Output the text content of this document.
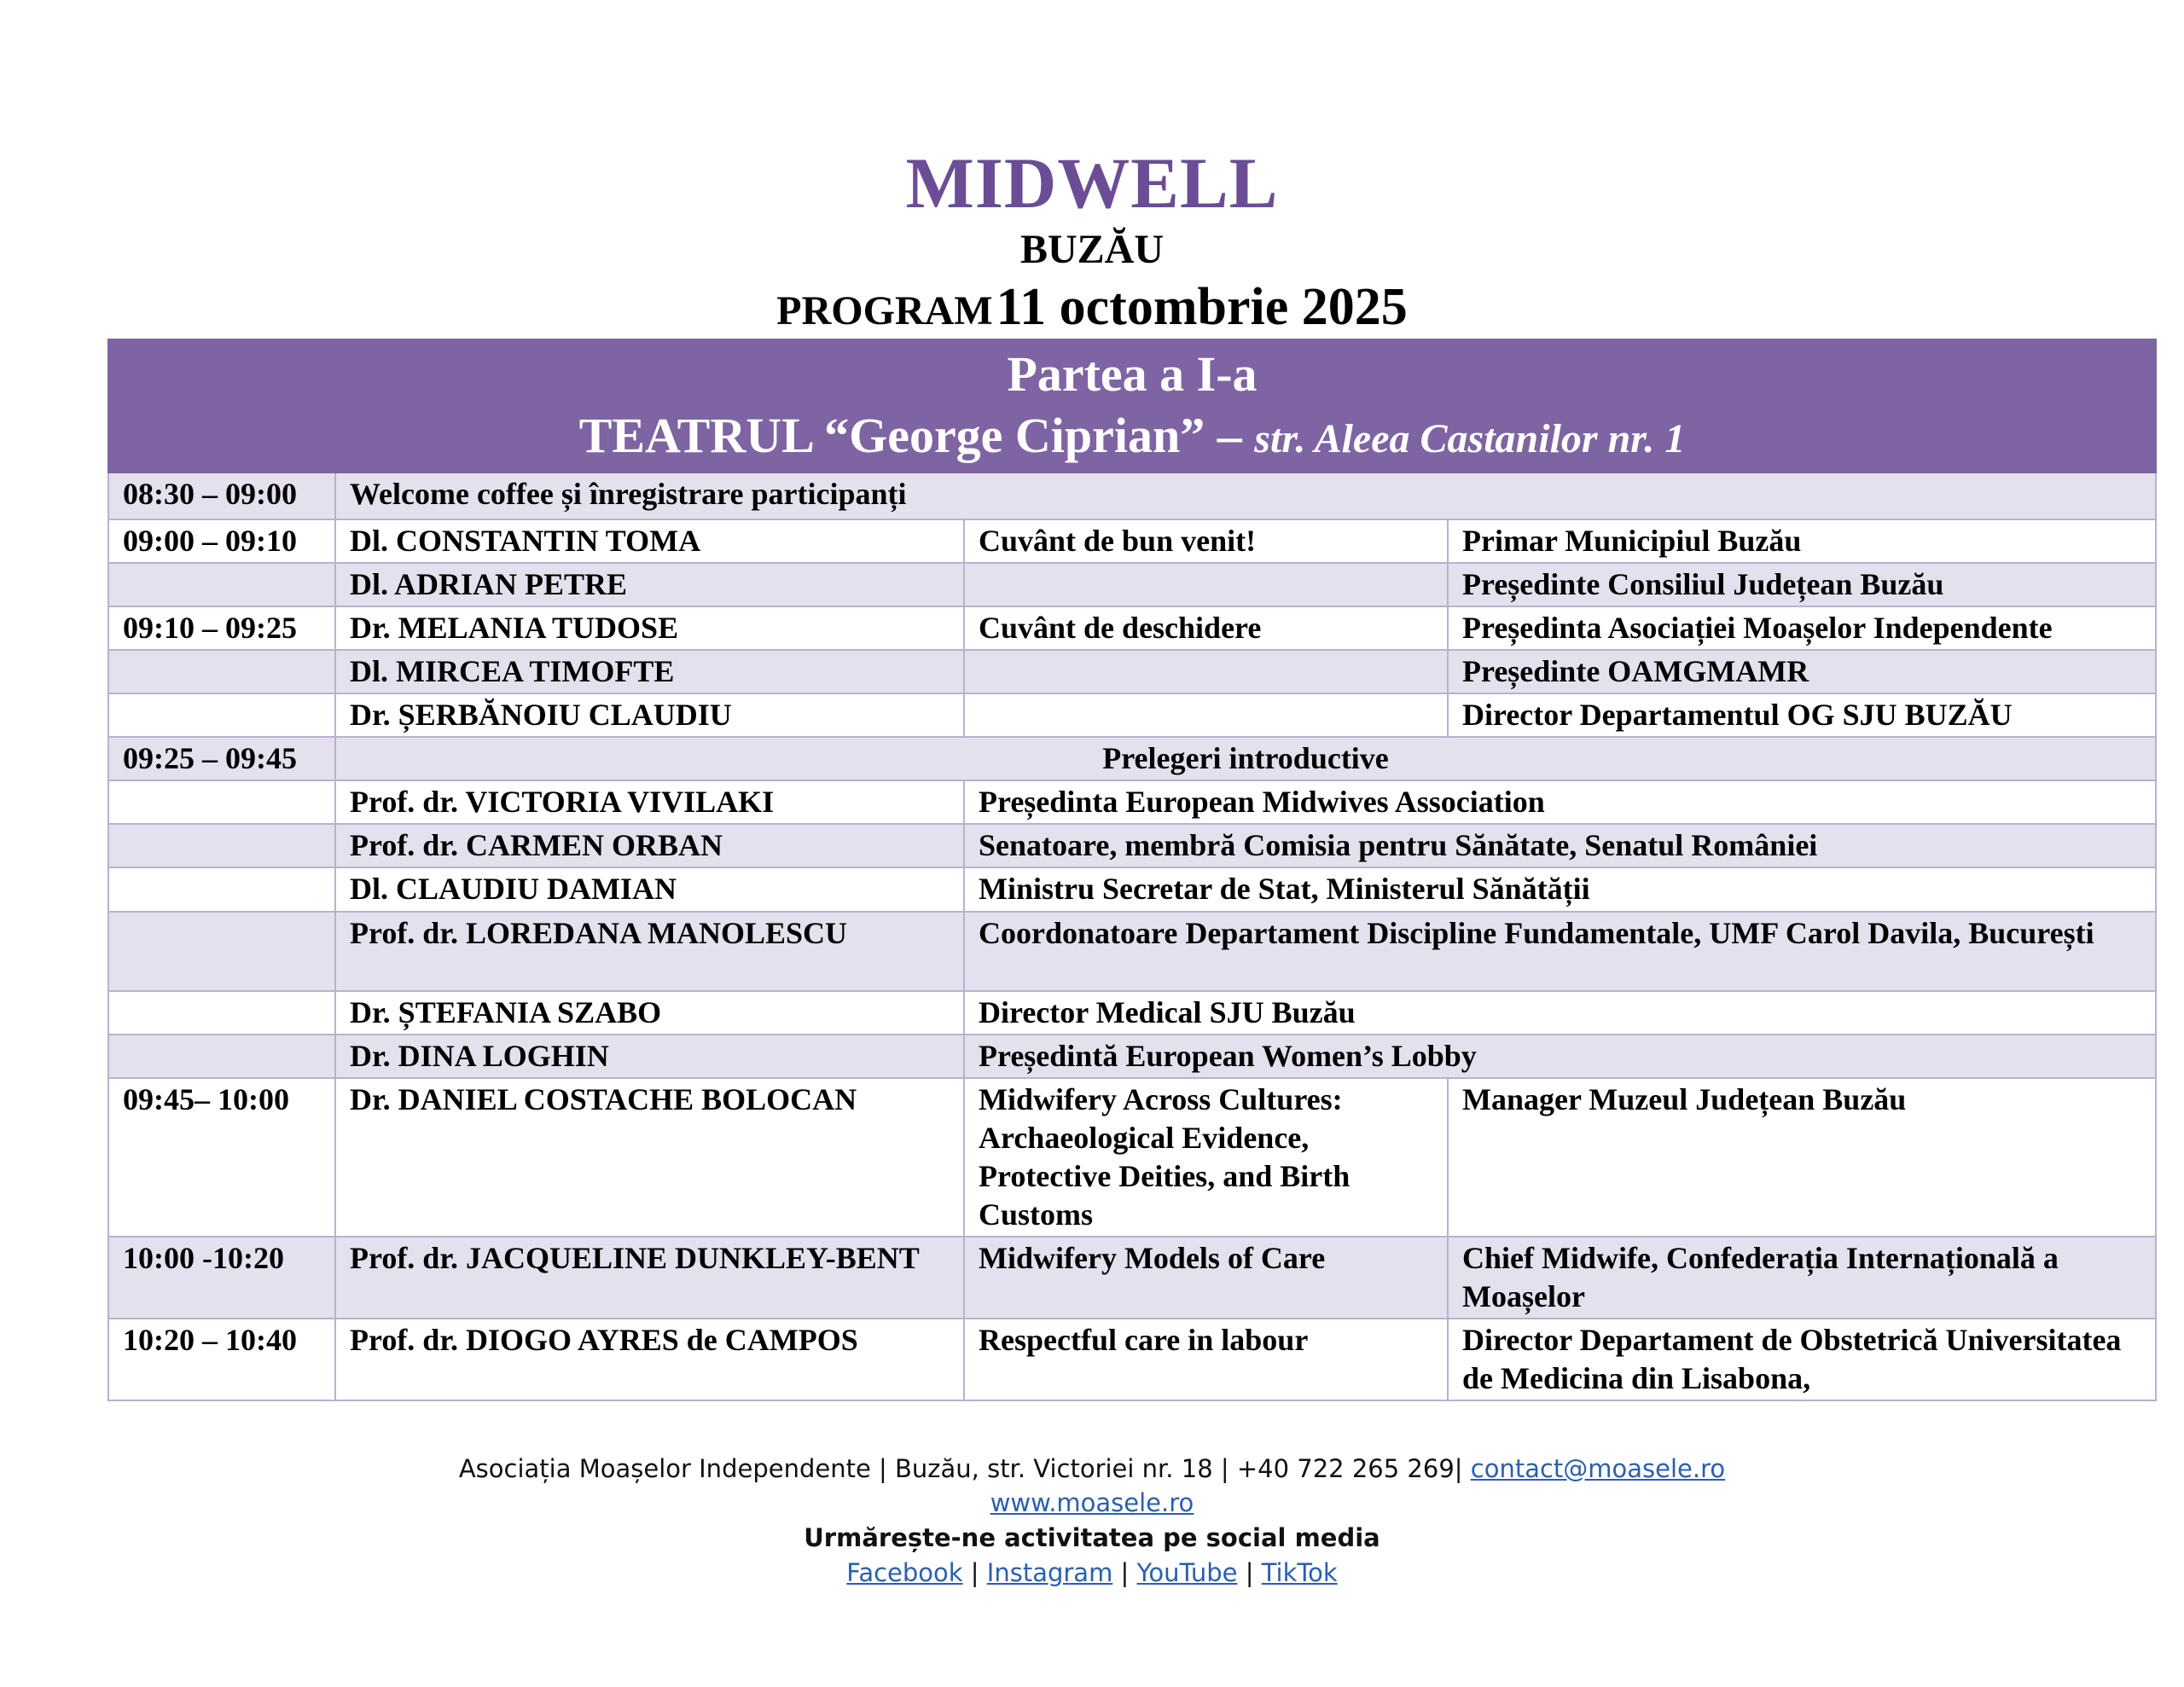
MIDWELL
BUZĂU
PROGRAM 11 octombrie 2025
Partea a I-a
TEATRUL “George Ciprian” – str. Aleea Castanilor nr. 1			

08:30 – 09:00	Welcome coffee și înregistrare participanți		
09:00 – 09:10	Dl. CONSTANTIN TOMA	Cuvânt de bun venit!	Primar Municipiul Buzău
	Dl. ADRIAN PETRE		Președinte Consiliul Județean Buzău
09:10 – 09:25	Dr. MELANIA TUDOSE	Cuvânt de deschidere	Președinta Asociației Moașelor Independente
	Dl. MIRCEA TIMOFTE		Președinte OAMGMAMR
	Dr. ȘERBĂNOIU CLAUDIU		Director Departamentul OG SJU BUZĂU
09:25 – 09:45	Prelegeri introductive		
	Prof. dr. VICTORIA VIVILAKI	Președinta European Midwives Association	
	Prof. dr. CARMEN ORBAN	Senatoare, membră Comisia pentru Sănătate, Senatul României	
	Dl. CLAUDIU DAMIAN	Ministru Secretar de Stat, Ministerul Sănătății	
	Prof. dr. LOREDANA MANOLESCU	Coordonatoare Departament Discipline Fundamentale, UMF Carol Davila, București	
	Dr. ȘTEFANIA SZABO	Director Medical SJU Buzău	
	Dr. DINA LOGHIN	Președintă European Women’s Lobby	
09:45– 10:00	Dr. DANIEL COSTACHE BOLOCAN	Midwifery Across Cultures: Archaeological Evidence, Protective Deities, and Birth Customs	Manager Muzeul Județean Buzău
10:00 -10:20	Prof. dr. JACQUELINE DUNKLEY-BENT	Midwifery Models of Care	Chief Midwife, Confederația Internațională a Moașelor
10:20 – 10:40	Prof. dr. DIOGO AYRES de CAMPOS	Respectful care in labour	Director Departament de Obstetrică Universitatea de Medicina din Lisabona,
Asociația Moașelor Independente | Buzău, str. Victoriei nr. 18 | +40 722 265 269| contact@moasele.ro
www.moasele.ro
Urmărește-ne activitatea pe social media
Facebook | Instagram | YouTube | TikTok
